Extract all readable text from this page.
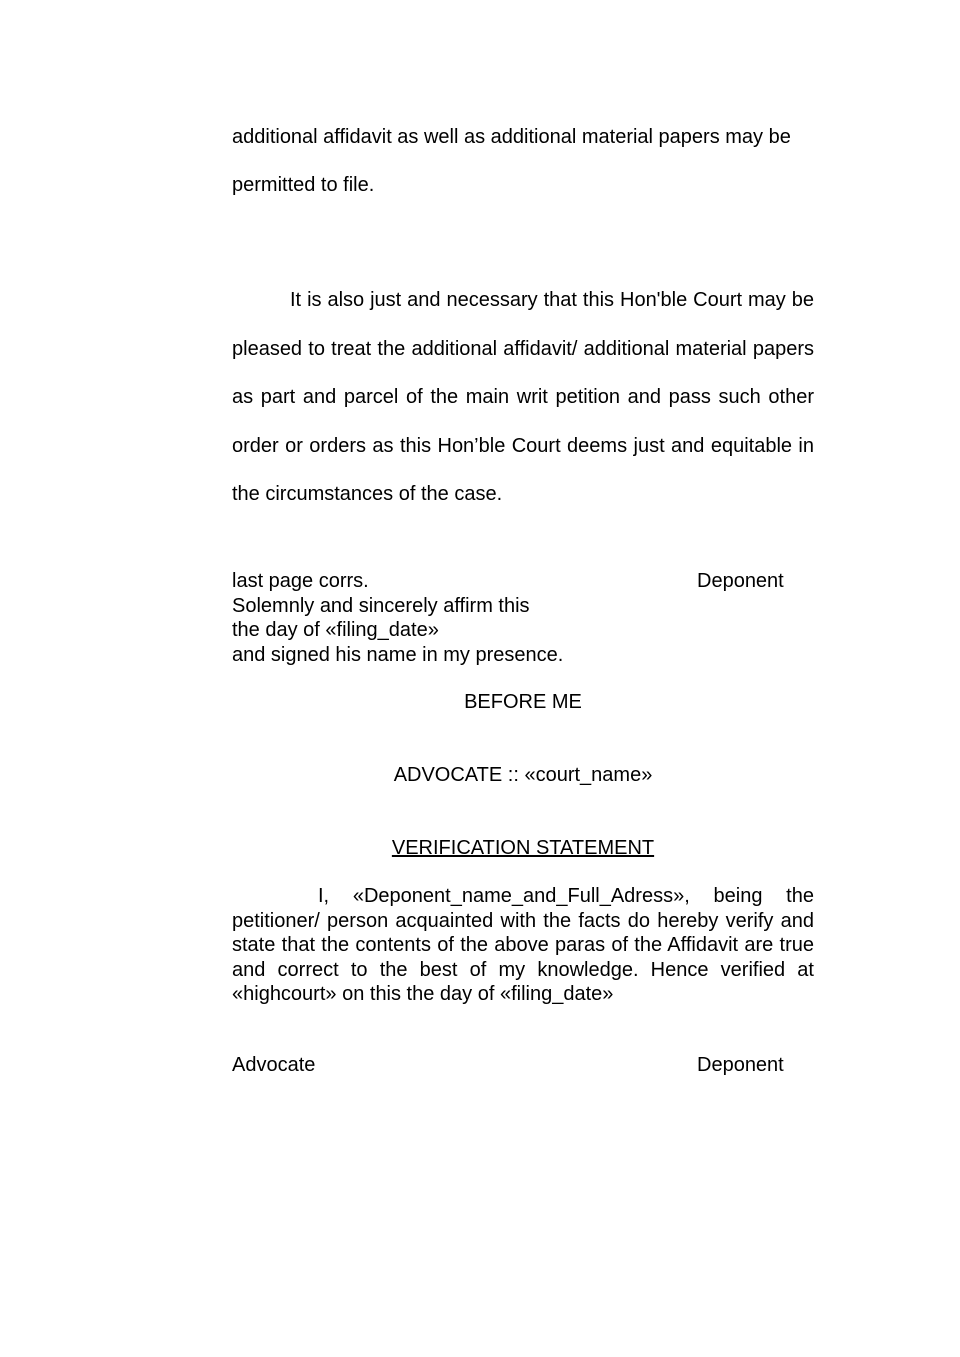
additional affidavit as well as additional material papers may be permitted to file.

It is also just and necessary that this Hon'ble Court may be pleased to treat the additional affidavit/ additional material papers as part and parcel of the main writ petition and pass such other order or orders as this Hon’ble Court deems just and equitable in the circumstances of the case.

last page corrs.
Solemnly and sincerely affirm this
the day of «filing_date»
and signed his name in my presence.
Deponent
BEFORE ME
ADVOCATE :: «court_name»
VERIFICATION STATEMENT

I, «Deponent_name_and_Full_Adress», being the petitioner/ person acquainted with the facts do hereby verify and state that the contents of the above paras of the Affidavit are true and correct to the best of my knowledge. Hence verified at «highcourt» on this the day of «filing_date»

Advocate	Deponent
